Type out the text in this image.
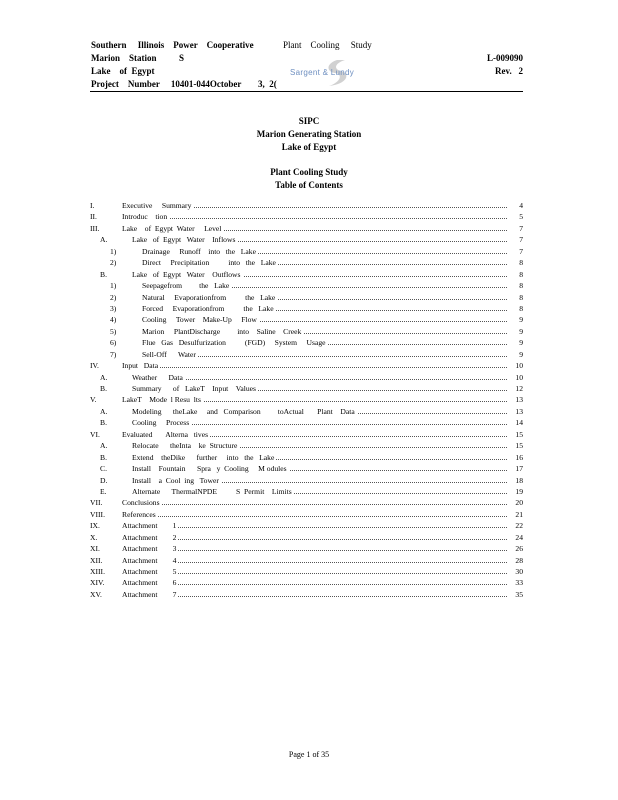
Southern     Illinois    Power    Cooperative	Plant    Cooling     Study
Marion    Station          S	L-009090
Lake    of  Egypt	Rev.   2
Project    Number     10401-044October 3,  2(
Sargent & Lundy
SIPC
Marion Generating Station
Lake of Egypt
Plant Cooling Study
Table of Contents
I.	Executive     Summary	4
II.	Introduc    tion	5
III.	Lake    of  Egypt  Water     Level	7
A.	Lake   of  Egypt   Water    Inflows	7
1)	Drainage     Runoff    into   the   Lake	7
2)	Direct     Precipitation          into   the   Lake	8
B.	Lake   of  Egypt   Water    Outflows	8
1)	Seepagefrom         the   Lake	8
2)	Natural     Evaporationfrom          the   Lake	8
3)	Forced     Evaporationfrom          the   Lake	8
4)	Cooling     Tower    Make-Up     Flow	9
5)	Marion     PlantDischarge         into    Saline    Creek	9
6)	Flue   Gas   Desulfurization          (FGD)     System     Usage	9
7)	Sell-Off      Water	9
IV.	Input   Data	10
A.	Weather      Data	10
B.	Summary      of   LakeT    Input    Values	12
V.	LakeT    Mode  l Resu  lts	13
A.	Modeling      theLake     and   Comparison         toActual       Plant    Data	13
B.	Cooling     Process	14
VI.	Evaluated       Alterna   tives	15
A.	Relocate      theIntа    ke  Structure	15
B.	Extend    theDike      further     into   the   Lake	16
C.	Install    Fountain      Spra   y  Cooling     M odules	17
D.	Install    a  Cool  ing   Tower	18
E.	Alternate      ThermalNPDE          S  Permit    Limits	19
VII.	Conclusions	20
VIII. References	21
IX.	Attachment        1	22
X.	Attachment        2	24
XI.	Attachment        3	26
XII.	Attachment        4	28
XIII. Attachment        5	30
XIV. Attachment        6	33
XV.	Attachment        7	35
Page 1 of 35
